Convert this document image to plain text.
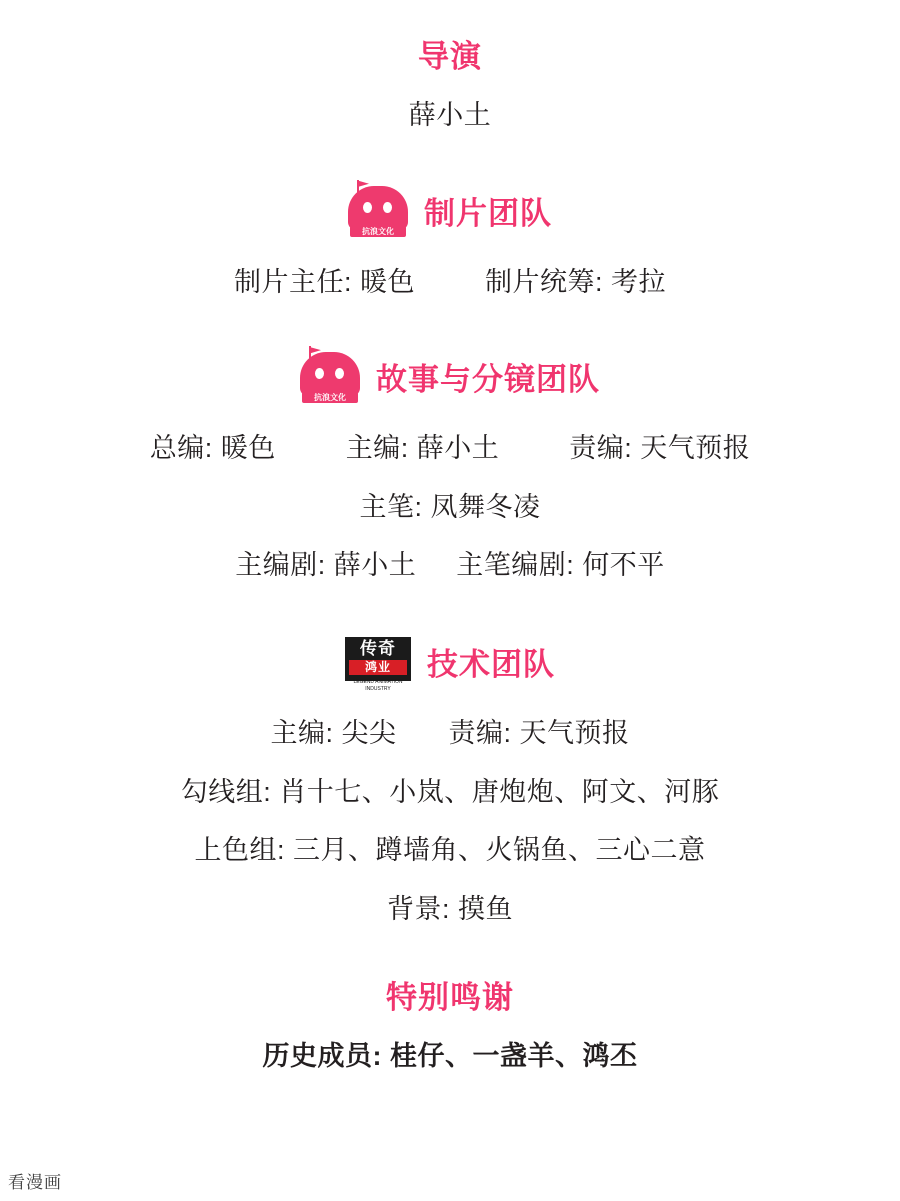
导演
薛小土
抗浪文化
制片团队
制片主任: 暖色	制片统筹: 考拉
抗浪文化
故事与分镜团队
总编: 暖色	主编: 薛小土	责编: 天气预报
主笔: 凤舞冬凌
主编剧: 薛小土 主笔编剧: 何不平
传奇
鸿业
LEGEND ANIMATION INDUSTRY
技术团队
主编: 尖尖 责编: 天气预报
勾线组: 肖十七、小岚、唐炮炮、阿文、河豚
上色组: 三月、蹲墙角、火锅鱼、三心二意
背景: 摸鱼
特别鸣谢
历史成员: 桂仔、一盏羊、鸿丕
看漫画
